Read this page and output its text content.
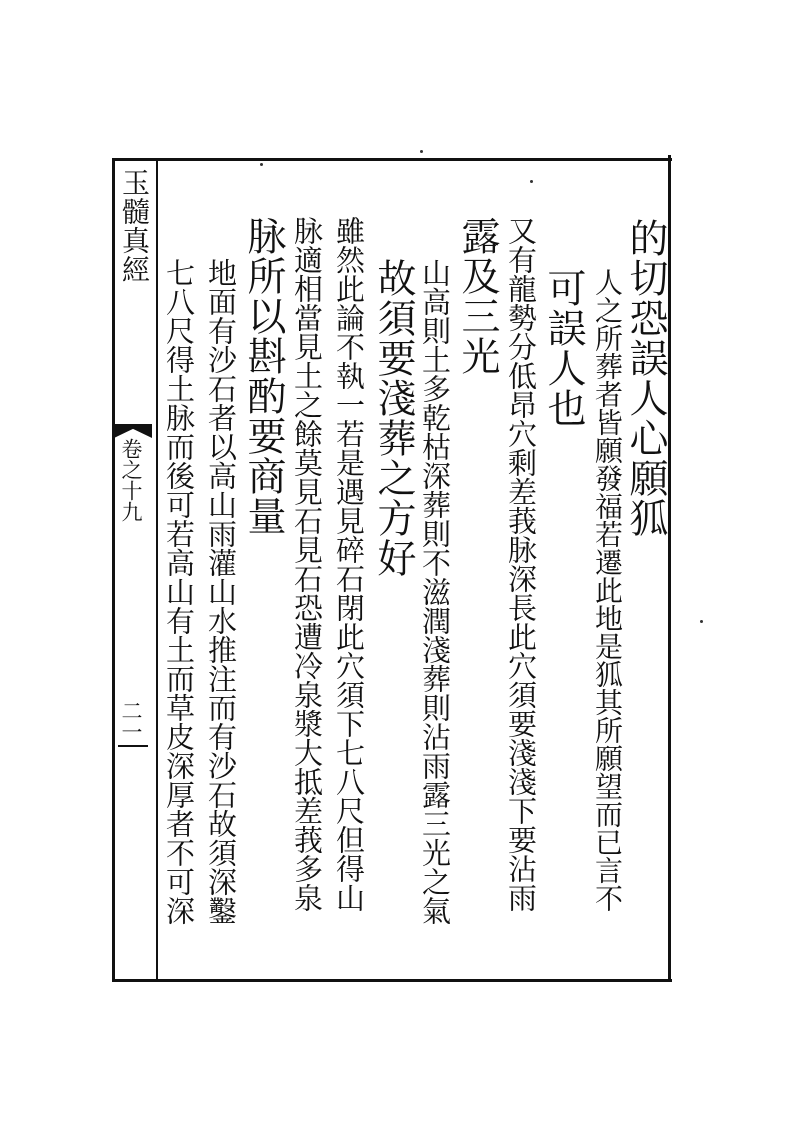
玉髓真經
卷之十九
二一
的切恐誤人心願狐
人之所葬者皆願發福若遷此地是狐其所願望而已言不
可誤人也
又有龍勢分低昂穴剩差莪脉深長此穴須要淺淺下要沾雨
露及三光
山高則土多乾枯深葬則不滋潤淺葬則沾雨露三光之氣
故須要淺葬之方好
雖然此論不執一若是遇見碎石閉此穴須下七八尺但得山
脉適相當見土之餘莫見石見石恐遭冷泉漿大抵差莪多泉
脉所以斟酌要商量
地面有沙石者以高山雨灌山水推注而有沙石故須深鑿
七八尺得土脉而後可若高山有土而草皮深厚者不可深
